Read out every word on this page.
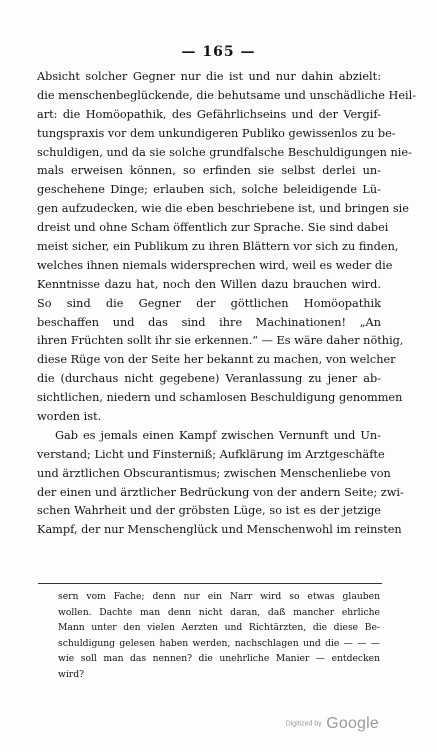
— 165 —
Absicht solcher Gegner nur die ist und nur dahin abzielt:
die menschenbeglückende, die behutsame und unschädliche Heil-
art: die Homöopathik, des Gefährlichseins und der Vergif-
tungspraxis vor dem unkundigeren Publiko gewissenlos zu be-
schuldigen, und da sie solche grundfalsche Beschuldigungen nie-
mals erweisen können, so erfinden sie selbst derlei un-
geschehene Dinge; erlauben sich, solche beleidigende Lü-
gen aufzudecken, wie die eben beschriebene ist, und bringen sie
dreist und ohne Scham öffentlich zur Sprache. Sie sind dabei
meist sicher, ein Publikum zu ihren Blättern vor sich zu finden,
welches ihnen niemals widersprechen wird, weil es weder die
Kenntnisse dazu hat, noch den Willen dazu brauchen wird.
So sind die Gegner der göttlichen Homöopathik
beschaffen und das sind ihre Machinationen! „An
ihren Früchten sollt ihr sie erkennen.“ — Es wäre daher nöthig,
diese Rüge von der Seite her bekannt zu machen, von welcher
die (durchaus nicht gegebene) Veranlassung zu jener ab-
sichtlichen, niedern und schamlosen Beschuldigung genommen
worden ist.
Gab es jemals einen Kampf zwischen Vernunft und Un-
verstand; Licht und Finsterniß; Aufklärung im Arztgeschäfte
und ärztlichen Obscurantismus; zwischen Menschenliebe von
der einen und ärztlicher Bedrückung von der andern Seite; zwi-
schen Wahrheit und der gröbsten Lüge, so ist es der jetzige
Kampf, der nur Menschenglück und Menschenwohl im reinsten
sern vom Fache; denn nur ein Narr wird so etwas glauben
wollen. Dachte man denn nicht daran, daß mancher ehrliche
Mann unter den vielen Aerzten und Richtärzten, die diese Be-
schuldigung gelesen haben werden, nachschlagen und die — — —
wie soll man das nennen? die unehrliche Manier — entdecken
wird?
Digitized by Google
